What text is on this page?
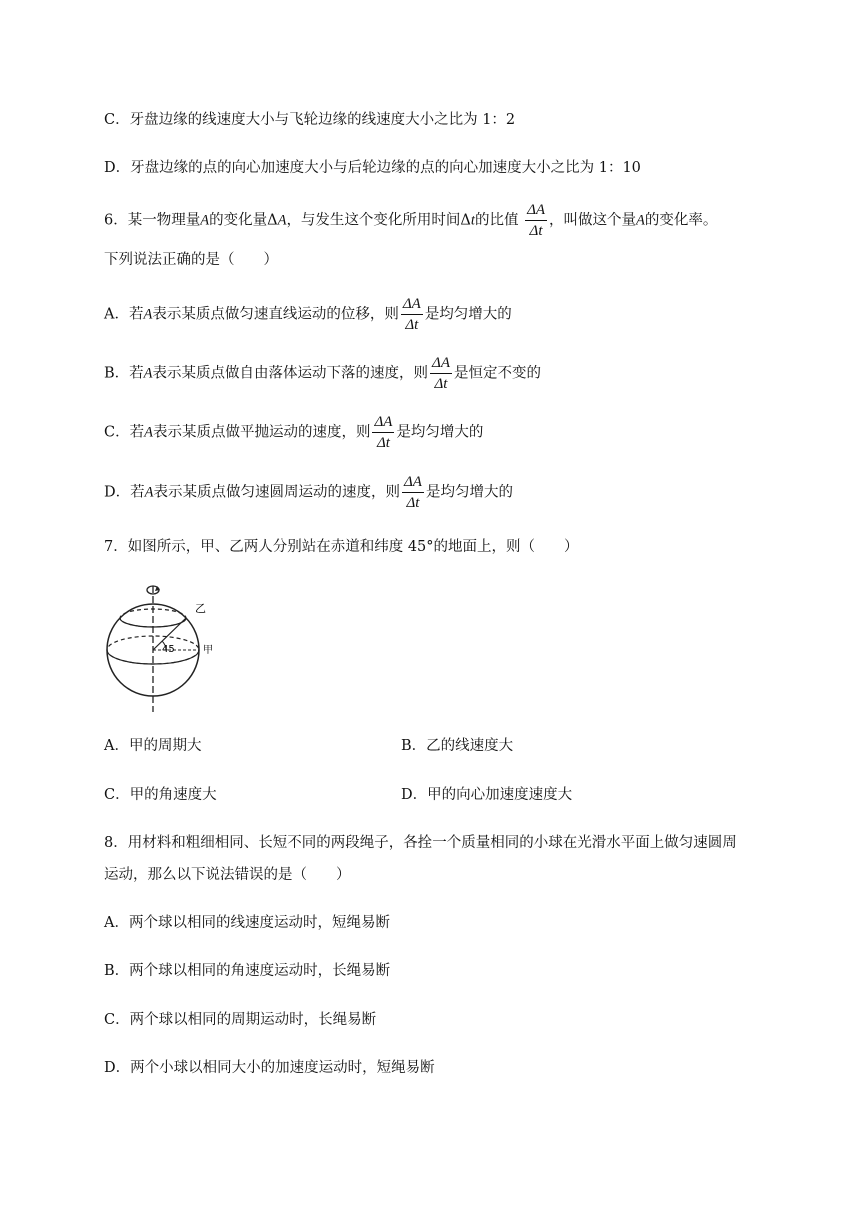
C．牙盘边缘的线速度大小与飞轮边缘的线速度大小之比为 1：2
D．牙盘边缘的点的向心加速度大小与后轮边缘的点的向心加速度大小之比为 1：10
6．某一物理量A的变化量ΔA，与发生这个变化所用时间Δt的比值 $\frac{\Delta A}{\Delta t}$ ，叫做这个量A的变化率。
下列说法正确的是（　　）
A．若A表示某质点做匀速直线运动的位移，则 $\frac{\Delta A}{\Delta t}$ 是均匀增大的
B．若A表示某质点做自由落体运动下落的速度，则 $\frac{\Delta A}{\Delta t}$ 是恒定不变的
C．若A表示某质点做平抛运动的速度，则 $\frac{\Delta A}{\Delta t}$ 是均匀增大的
D．若A表示某质点做匀速圆周运动的速度，则 $\frac{\Delta A}{\Delta t}$ 是均匀增大的
7．如图所示，甲、乙两人分别站在赤道和纬度 45°的地面上，则（　　）
乙
甲
45
A．甲的周期大	B．乙的线速度大
C．甲的角速度大	D．甲的向心加速度速度大
8．用材料和粗细相同、长短不同的两段绳子，各拴一个质量相同的小球在光滑水平面上做匀速圆周
运动，那么以下说法错误的是（　　）
A．两个球以相同的线速度运动时，短绳易断
B．两个球以相同的角速度运动时，长绳易断
C．两个球以相同的周期运动时，长绳易断
D．两个小球以相同大小的加速度运动时，短绳易断
